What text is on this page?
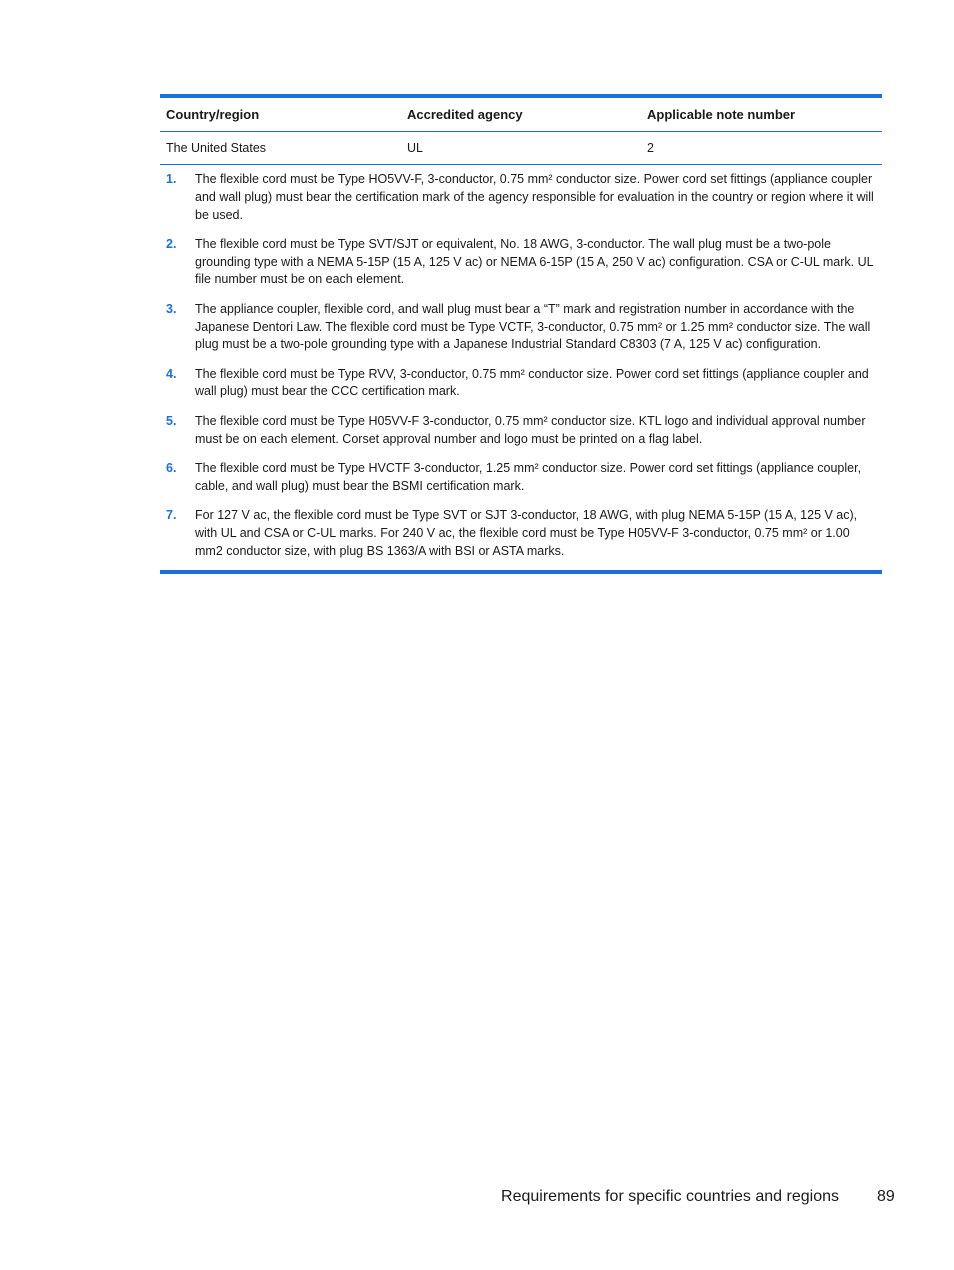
Country/region	Accredited agency	Applicable note number
The United States	UL	2
1.	The flexible cord must be Type HO5VV-F, 3-conductor, 0.75 mm² conductor size. Power cord set fittings (appliance coupler and wall plug) must bear the certification mark of the agency responsible for evaluation in the country or region where it will be used.
2.	The flexible cord must be Type SVT/SJT or equivalent, No. 18 AWG, 3-conductor. The wall plug must be a two-pole grounding type with a NEMA 5-15P (15 A, 125 V ac) or NEMA 6-15P (15 A, 250 V ac) configuration. CSA or C-UL mark. UL file number must be on each element.
3.	The appliance coupler, flexible cord, and wall plug must bear a “T” mark and registration number in accordance with the Japanese Dentori Law. The flexible cord must be Type VCTF, 3-conductor, 0.75 mm² or 1.25 mm² conductor size. The wall plug must be a two-pole grounding type with a Japanese Industrial Standard C8303 (7 A, 125 V ac) configuration.
4.	The flexible cord must be Type RVV, 3-conductor, 0.75 mm² conductor size. Power cord set fittings (appliance coupler and wall plug) must bear the CCC certification mark.
5.	The flexible cord must be Type H05VV-F 3-conductor, 0.75 mm² conductor size. KTL logo and individual approval number must be on each element. Corset approval number and logo must be printed on a flag label.
6.	The flexible cord must be Type HVCTF 3-conductor, 1.25 mm² conductor size. Power cord set fittings (appliance coupler, cable, and wall plug) must bear the BSMI certification mark.
7.	For 127 V ac, the flexible cord must be Type SVT or SJT 3-conductor, 18 AWG, with plug NEMA 5-15P (15 A, 125 V ac), with UL and CSA or C-UL marks. For 240 V ac, the flexible cord must be Type H05VV-F 3-conductor, 0.75 mm² or 1.00 mm2 conductor size, with plug BS 1363/A with BSI or ASTA marks.
Requirements for specific countries and regions 89
